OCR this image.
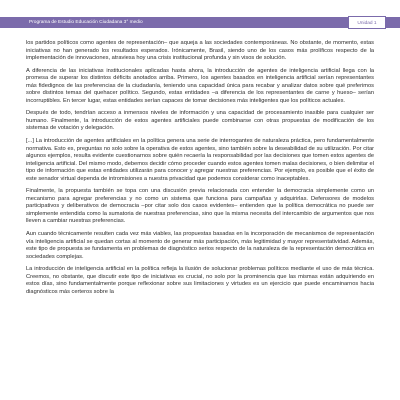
Programa de Estudio Educación Ciudadana 3° medio	Unidad 1

los partidos políticos como agentes de representación– que aqueja a las sociedades contemporáneas. No obstante, de momento, estas iniciativas no han generado los resultados esperados. Irónicamente, Brasil, siendo uno de los casos más prolíficos respecto de la implementación de innovaciones, atraviesa hoy una crisis institucional profunda y sin visos de solución.

A diferencia de las iniciativas institucionales aplicadas hasta ahora, la introducción de agentes de inteligencia artificial llega con la promesa de superar los distintos déficits anotados arriba. Primero, los agentes basados en inteligencia artificial serían representantes más fidedignos de las preferencias de la ciudadanía, teniendo una capacidad única para recabar y analizar datos sobre qué preferimos sobre distintos temas del quehacer político. Segundo, estas entidades –a diferencia de los representantes de carne y hueso– serían incorruptibles. En tercer lugar, estas entidades serían capaces de tomar decisiones más inteligentes que los políticos actuales.

Después de todo, tendrían acceso a inmensos niveles de información y una capacidad de procesamiento inasible para cualquier ser humano. Finalmente, la introducción de estos agentes artificiales puede combinarse con otras propuestas de modificación de los sistemas de votación y delegación.

[...] La introducción de agentes artificiales en la política genera una serie de interrogantes de naturaleza práctica, pero fundamentalmente normativa. Esto es, preguntas no solo sobre la operativa de estos agentes, sino también sobre la deseabilidad de su utilización. Por citar algunos ejemplos, resulta evidente cuestionarnos sobre quién recaería la responsabilidad por las decisiones que tomen estos agentes de inteligencia artificial. Del mismo modo, debemos decidir cómo proceder cuando estos agentes tomen malas decisiones, o bien delimitar el tipo de información que estas entidades utilizarán para conocer y agregar nuestras preferencias. Por ejemplo, es posible que el éxito de este senador virtual dependa de intromisiones a nuestra privacidad que podemos considerar como inaceptables.

Finalmente, la propuesta también se topa con una discusión previa relacionada con entender la democracia simplemente como un mecanismo para agregar preferencias y no como un sistema que funciona para campañas y adquirirlas. Defensores de modelos participativos y deliberativos de democracia –por citar solo dos casos evidentes– entienden que la política democrática no puede ser simplemente entendida como la sumatoria de nuestras preferencias, sino que la misma necesita del intercambio de argumentos que nos lleven a cambiar nuestras preferencias.

Aun cuando técnicamente resulten cada vez más viables, las propuestas basadas en la incorporación de mecanismos de representación vía inteligencia artificial se quedan cortas al momento de generar más participación, más legitimidad y mayor representatividad. Además, este tipo de propuesta se fundamenta en problemas de diagnóstico serios respecto de la naturaleza de la representación democrática en sociedades complejas.

La introducción de inteligencia artificial en la política refleja la ilusión de solucionar problemas políticos mediante el uso de más técnica. Creemos, no obstante, que discutir este tipo de iniciativas es crucial, no solo por la prominencia que las mismas están adquiriendo en estos días, sino fundamentalmente porque reflexionar sobre sus limitaciones y virtudes es un ejercicio que puede encaminarnos hacia diagnósticos más certeros sobre la
